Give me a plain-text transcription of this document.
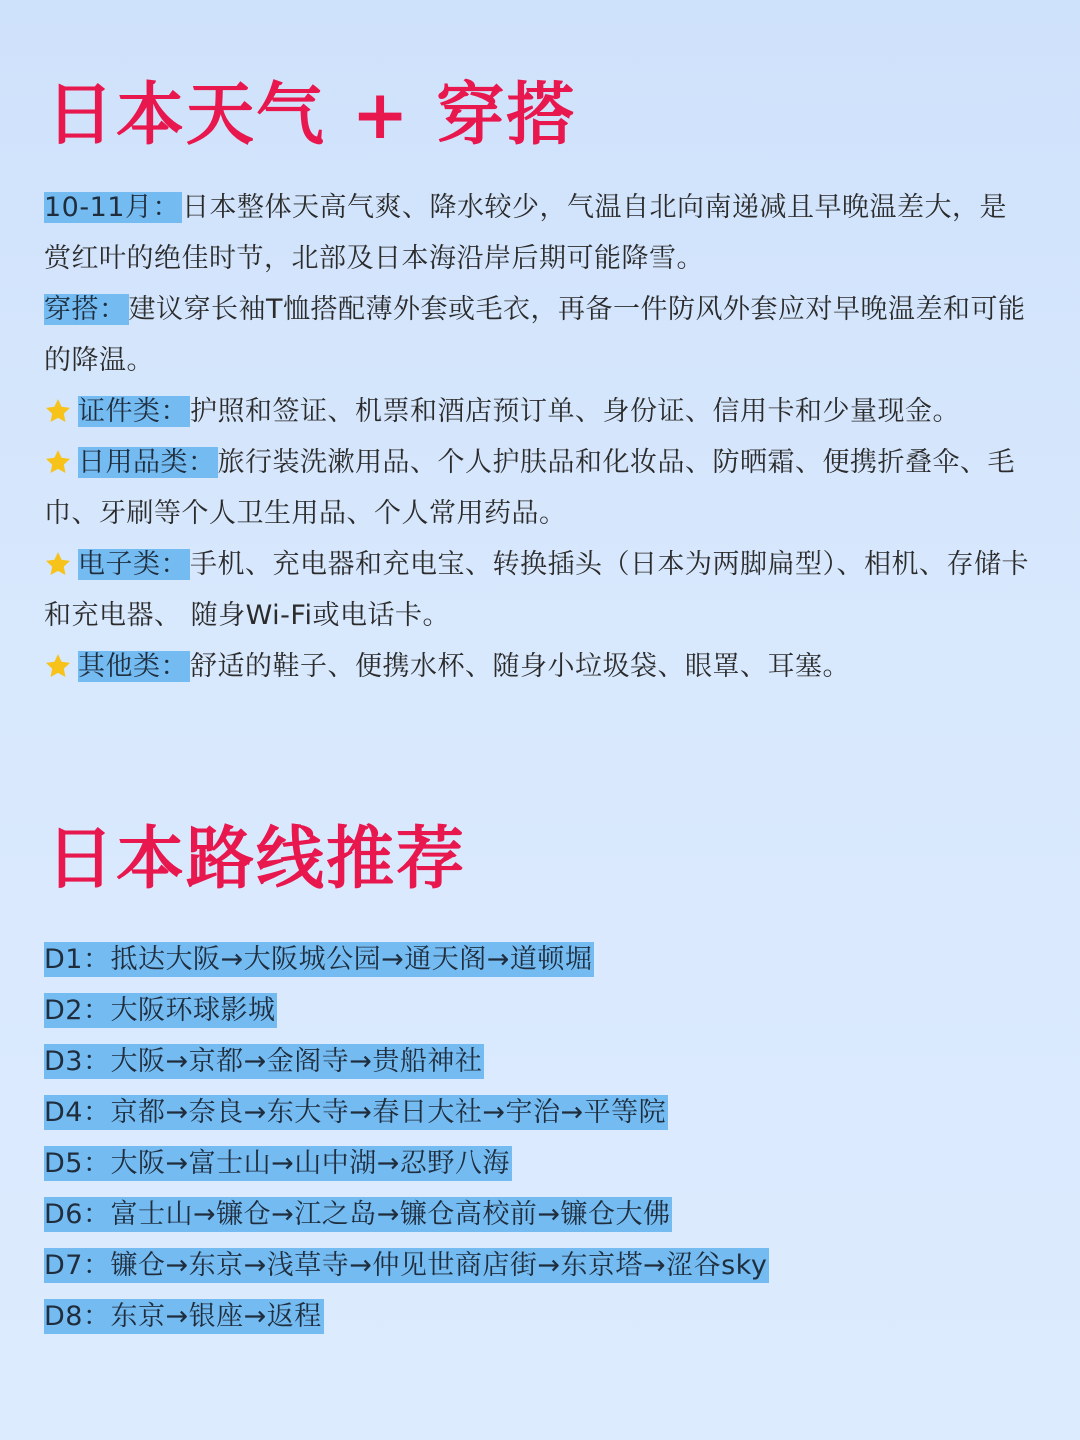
日本天气 + 穿搭

10-11月：日本整体天高气爽、降水较少，气温自北向南递减且早晚温差大，是赏红叶的绝佳时节，北部及日本海沿岸后期可能降雪。

穿搭：建议穿长袖T恤搭配薄外套或毛衣，再备一件防风外套应对早晚温差和可能的降温。

证件类：护照和签证、机票和酒店预订单、身份证、信用卡和少量现金。

日用品类：旅行装洗漱用品、个人护肤品和化妆品、防晒霜、便携折叠伞、毛巾、牙刷等个人卫生用品、个人常用药品。

电子类：手机、充电器和充电宝、转换插头（日本为两脚扁型）、相机、存储卡和充电器、 随身Wi-Fi或电话卡。

其他类：舒适的鞋子、便携水杯、随身小垃圾袋、眼罩、耳塞。

日本路线推荐
D1：抵达大阪→大阪城公园→通天阁→道顿堀
D2：大阪环球影城
D3：大阪→京都→金阁寺→贵船神社
D4：京都→奈良→东大寺→春日大社→宇治→平等院
D5：大阪→富士山→山中湖→忍野八海
D6：富士山→镰仓→江之岛→镰仓高校前→镰仓大佛
D7：镰仓→东京→浅草寺→仲见世商店街→东京塔→涩谷sky
D8：东京→银座→返程
